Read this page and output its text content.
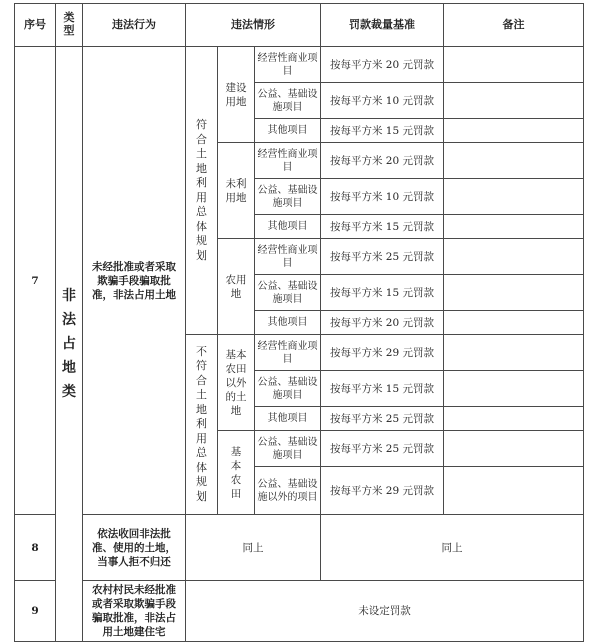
序号	类型	违法行为	违法情形			罚款裁量基准	备注
7	非法占地类	未经批准或者采取欺骗手段骗取批准，非法占用土地	符合土地利用总体规划	建设用地	经营性商业项目	按每平方米 20 元罚款	
					公益、基础设施项目	按每平方米 10 元罚款	
					其他项目	按每平方米 15 元罚款	
				未利用地	经营性商业项目	按每平方米 20 元罚款	
					公益、基础设施项目	按每平方米 10 元罚款	
					其他项目	按每平方米 15 元罚款	
				农用地	经营性商业项目	按每平方米 25 元罚款	
					公益、基础设施项目	按每平方米 15 元罚款	
					其他项目	按每平方米 20 元罚款	
			不符合土地利用总体规划	基本农田以外的土地	经营性商业项目	按每平方米 29 元罚款	
					公益、基础设施项目	按每平方米 15 元罚款	
					其他项目	按每平方米 25 元罚款	
				基本农田	公益、基础设施项目	按每平方米 25 元罚款	
					公益、基础设施以外的项目	按每平方米 29 元罚款	
8		依法收回非法批准、使用的土地，当事人拒不归还	同上			同上	
9		农村村民未经批准或者采取欺骗手段骗取批准，非法占用土地建住宅	未设定罚款				
